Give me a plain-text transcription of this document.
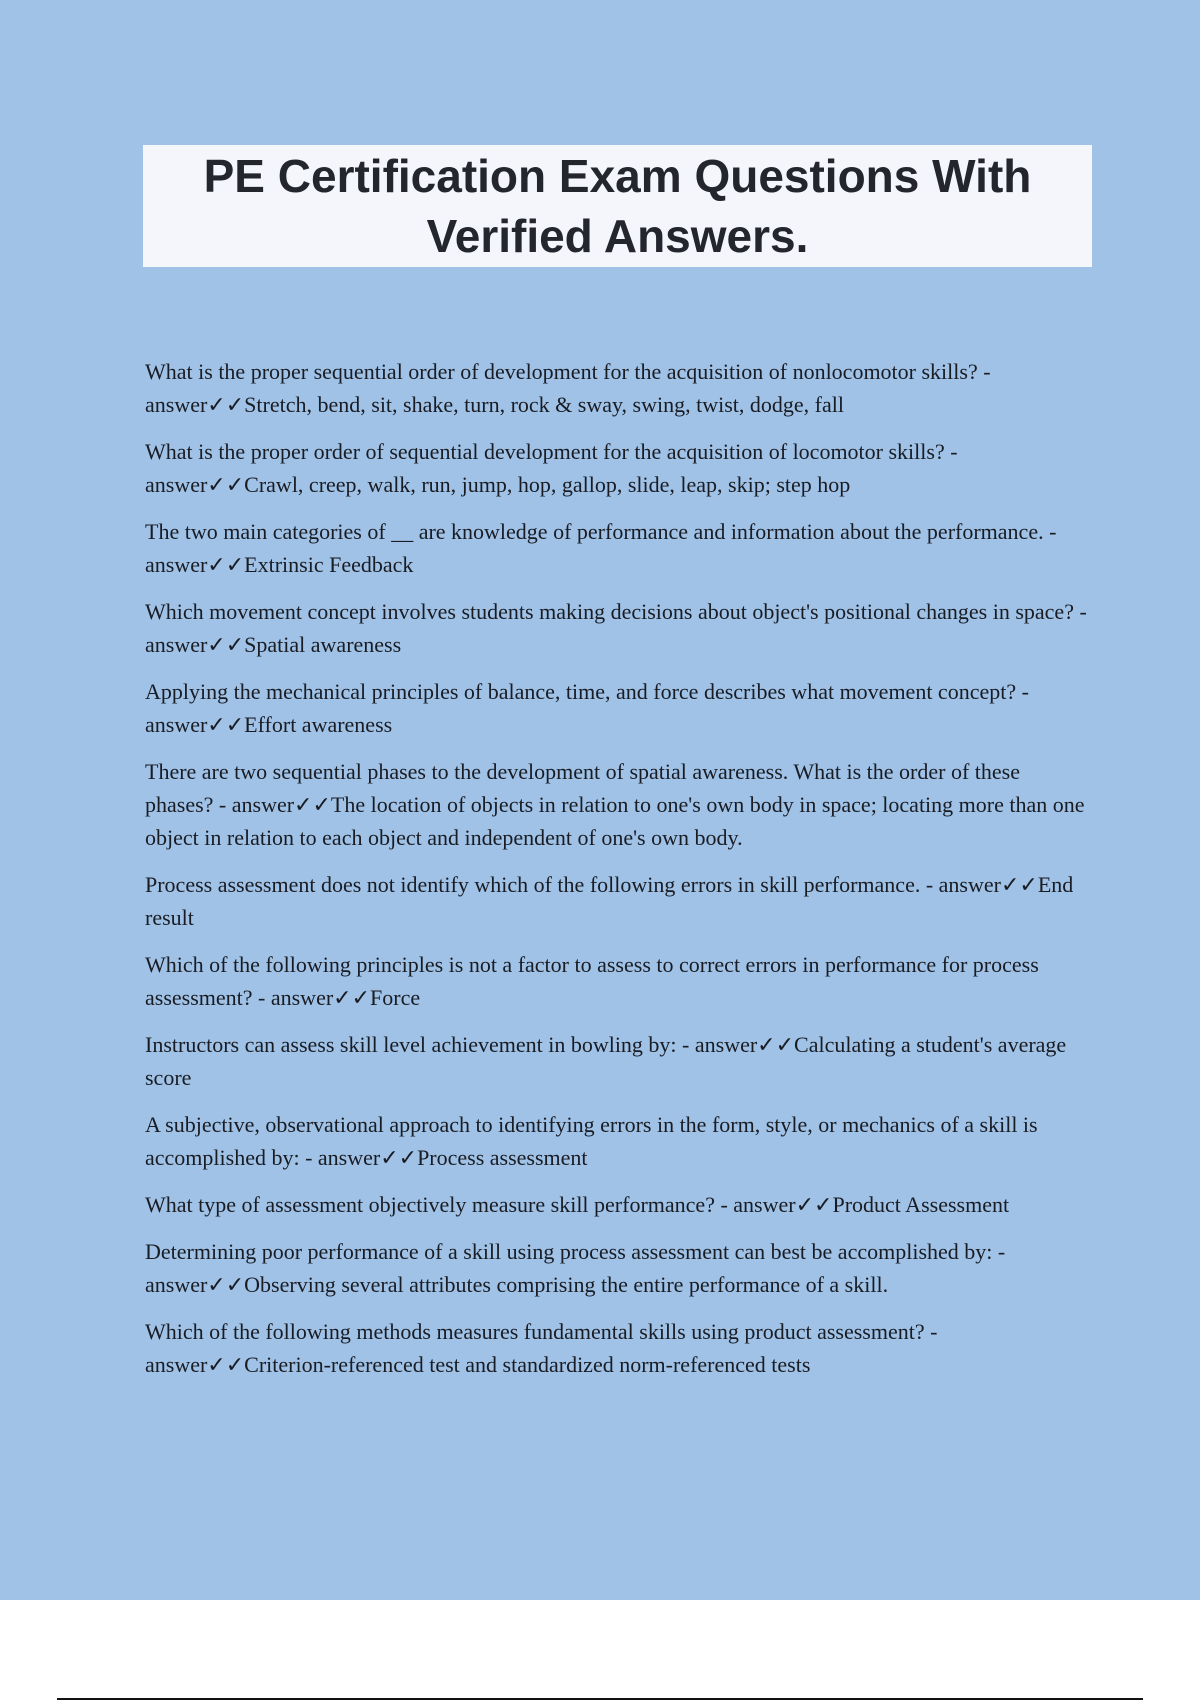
PE Certification Exam Questions With Verified Answers.
What is the proper sequential order of development for the acquisition of nonlocomotor skills? - answer✓✓Stretch, bend, sit, shake, turn, rock & sway, swing, twist, dodge, fall
What is the proper order of sequential development for the acquisition of locomotor skills? - answer✓✓Crawl, creep, walk, run, jump, hop, gallop, slide, leap, skip; step hop
The two main categories of __ are knowledge of performance and information about the performance. - answer✓✓Extrinsic Feedback
Which movement concept involves students making decisions about object's positional changes in space? - answer✓✓Spatial awareness
Applying the mechanical principles of balance, time, and force describes what movement concept? - answer✓✓Effort awareness
There are two sequential phases to the development of spatial awareness. What is the order of these phases? - answer✓✓The location of objects in relation to one's own body in space; locating more than one object in relation to each object and independent of one's own body.
Process assessment does not identify which of the following errors in skill performance. - answer✓✓End result
Which of the following principles is not a factor to assess to correct errors in performance for process assessment? - answer✓✓Force
Instructors can assess skill level achievement in bowling by: - answer✓✓Calculating a student's average score
A subjective, observational approach to identifying errors in the form, style, or mechanics of a skill is accomplished by: - answer✓✓Process assessment
What type of assessment objectively measure skill performance? - answer✓✓Product Assessment
Determining poor performance of a skill using process assessment can best be accomplished by: - answer✓✓Observing several attributes comprising the entire performance of a skill.
Which of the following methods measures fundamental skills using product assessment? - answer✓✓Criterion-referenced test and standardized norm-referenced tests
